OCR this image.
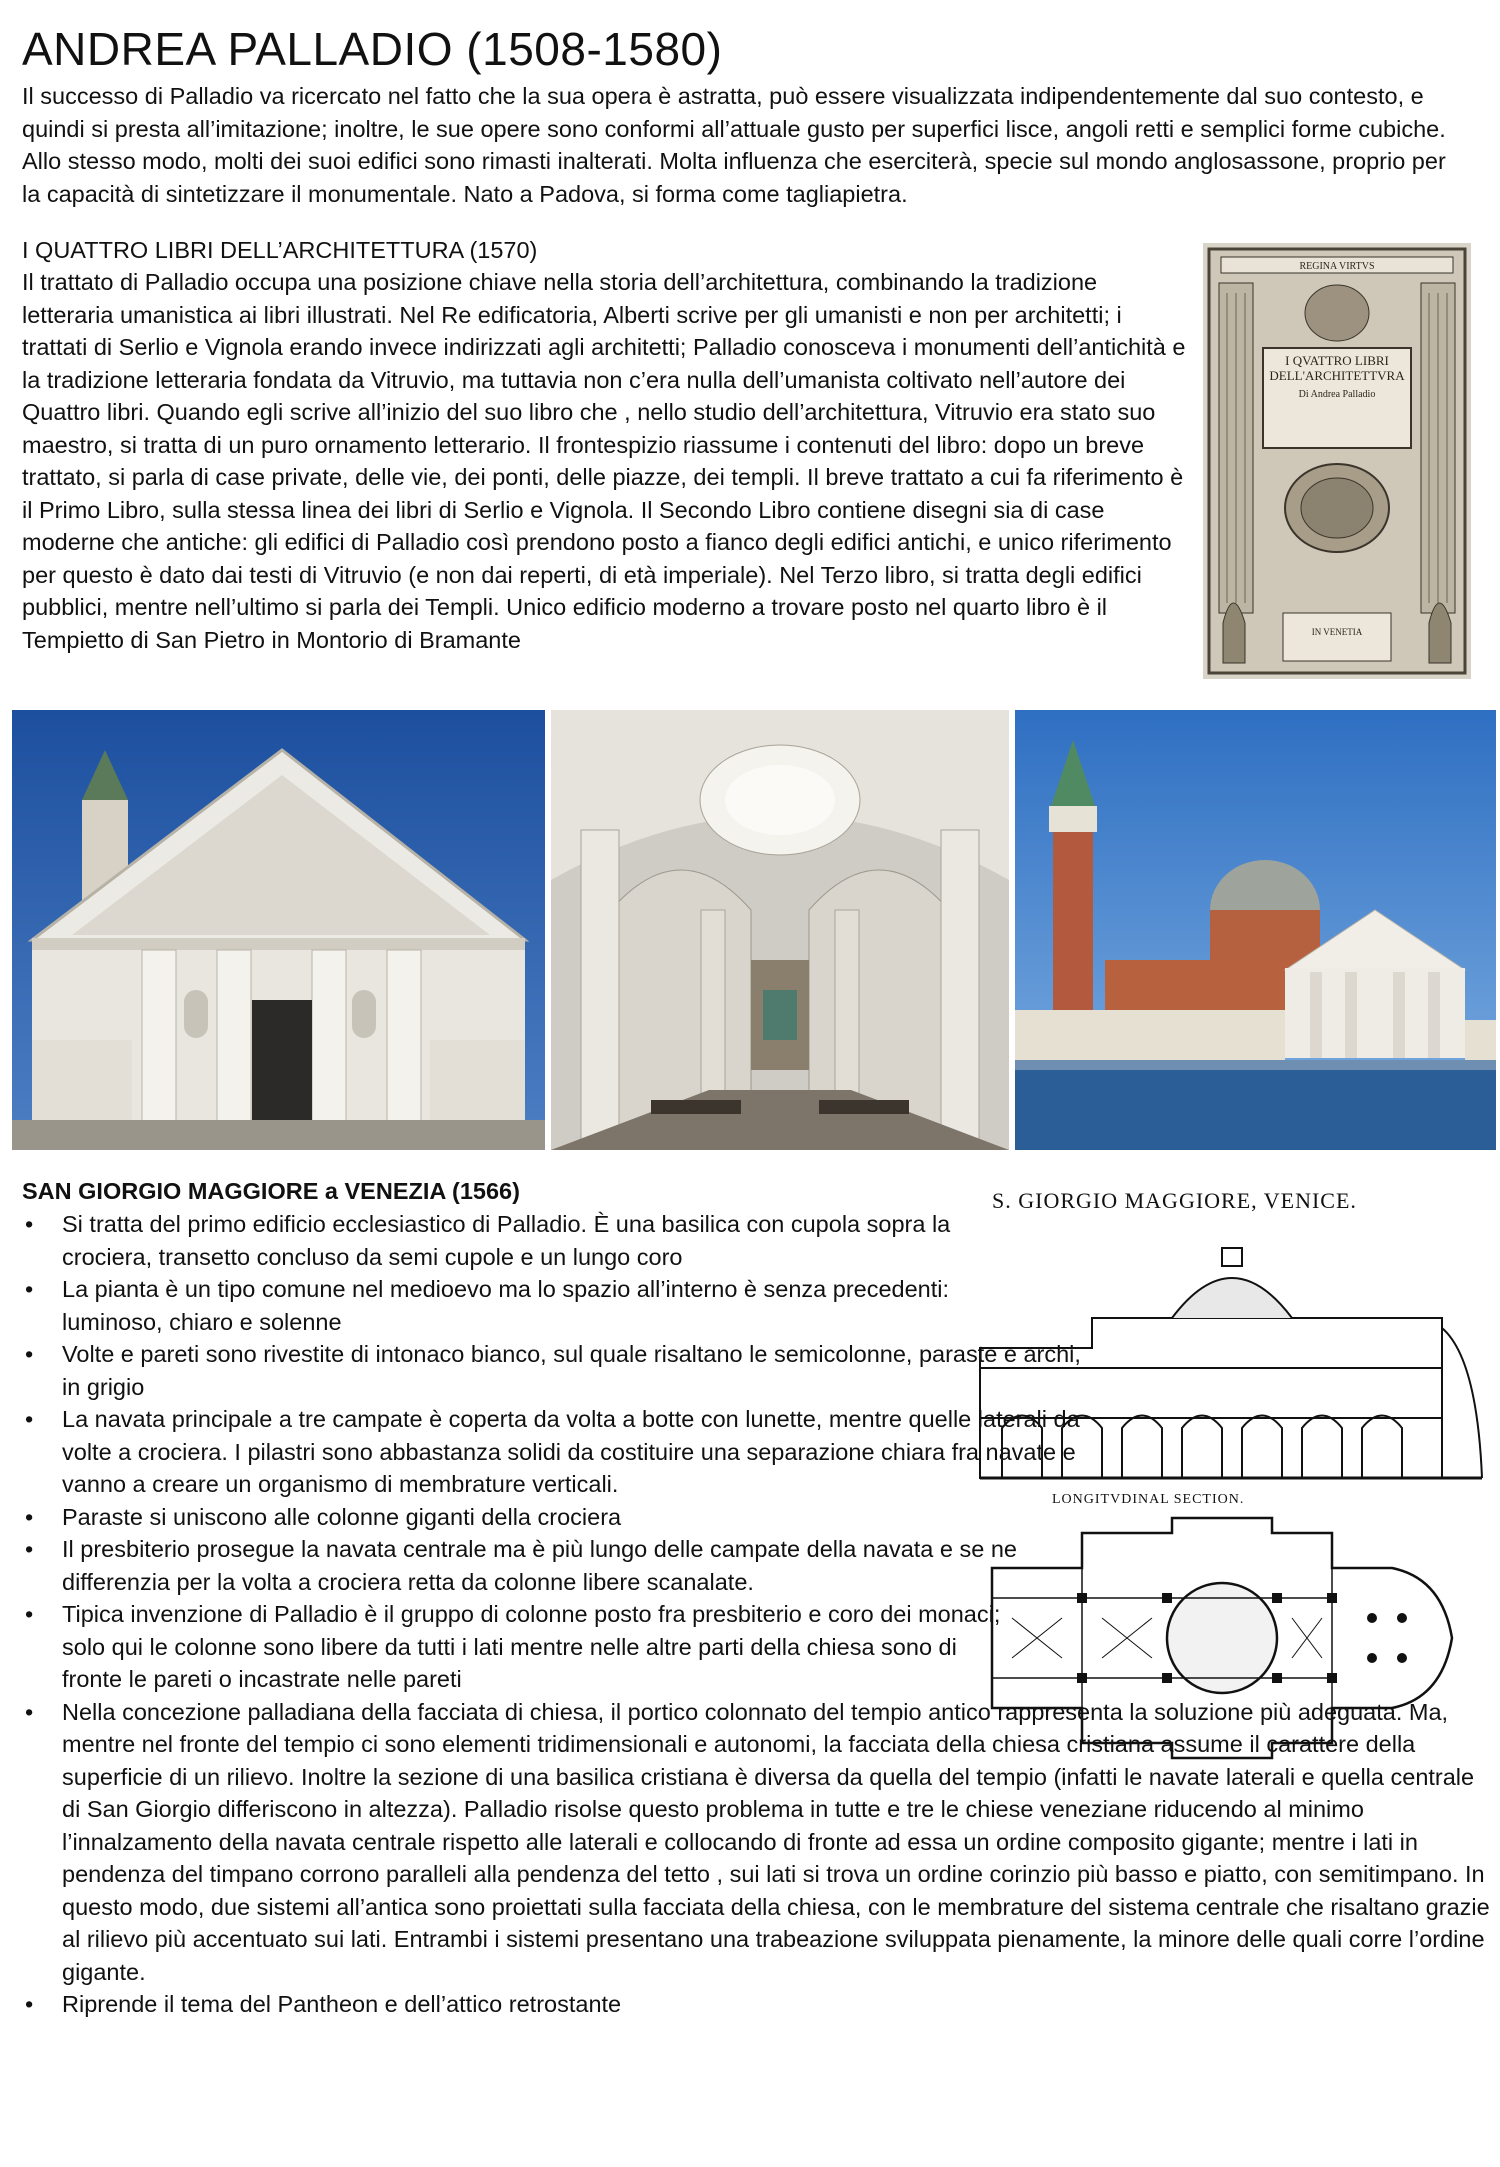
ANDREA PALLADIO (1508-1580)

Il successo di Palladio va ricercato nel fatto che la sua opera è astratta, può essere visualizzata indipendentemente dal suo contesto, e quindi si presta all’imitazione; inoltre, le sue opere sono conformi all’attuale gusto per superfici lisce, angoli retti e semplici forme cubiche. Allo stesso modo, molti dei suoi edifici sono rimasti inalterati. Molta influenza che eserciterà, specie sul mondo anglosassone, proprio per la capacità di sintetizzare il monumentale. Nato a Padova, si forma come tagliapietra.

I QUATTRO LIBRI DELL’ARCHITETTURA (1570)

Il trattato di Palladio occupa una posizione chiave nella storia dell’architettura, combinando la tradizione letteraria umanistica ai libri illustrati. Nel Re edificatoria, Alberti scrive per gli umanisti e non per architetti; i trattati di Serlio e Vignola erando invece indirizzati agli architetti; Palladio conosceva i monumenti dell’antichità e la tradizione letteraria fondata da Vitruvio, ma tuttavia non c’era nulla dell’umanista coltivato nell’autore dei Quattro libri. Quando egli scrive all’inizio del suo libro che , nello studio dell’architettura, Vitruvio era stato suo maestro, si tratta di un puro ornamento letterario. Il frontespizio riassume i contenuti del libro: dopo un breve trattato, si parla di case private, delle vie, dei ponti, delle piazze, dei templi. Il breve trattato a cui fa riferimento è il Primo Libro, sulla stessa linea dei libri di Serlio e Vignola. Il Secondo Libro contiene disegni sia di case moderne che antiche: gli edifici di Palladio così prendono posto a fianco degli edifici antichi, e unico riferimento per questo è dato dai testi di Vitruvio (e non dai reperti, di età imperiale). Nel Terzo libro, si tratta degli edifici pubblici, mentre nell’ultimo si parla dei Templi. Unico edificio moderno a trovare posto nel quarto libro è il Tempietto di San Pietro in Montorio di Bramante

REGINA VIRTVS
I QVATTRO LIBRI DELL'ARCHITETTVRA
Di Andrea Palladio
IN VENETIA
SAN GIORGIO MAGGIORE a VENEZIA (1566)	S. GIORGIO MAGGIORE, VENICE.
LONGITVDINAL SECTION.
• Si tratta del primo edificio ecclesiastico di Palladio. È una basilica con cupola sopra la crociera, transetto concluso da semi cupole e un lungo coro
• La pianta è un tipo comune nel medioevo ma lo spazio all’interno è senza precedenti: luminoso, chiaro e solenne
• Volte e pareti sono rivestite di intonaco bianco, sul quale risaltano le semicolonne, paraste e archi, in grigio
• La navata principale a tre campate è coperta da volta a botte con lunette, mentre quelle laterali da volte a crociera. I pilastri sono abbastanza solidi da costituire una separazione chiara fra navate e vanno a creare un organismo di membrature verticali.
• Paraste si uniscono alle colonne giganti della crociera
• Il presbiterio prosegue la navata centrale ma è più lungo delle campate della navata e se ne differenzia per la volta a crociera retta da colonne libere scanalate.
• Tipica invenzione di Palladio è il gruppo di colonne posto fra presbiterio e coro dei monaci; solo qui le colonne sono libere da tutti i lati mentre nelle altre parti della chiesa sono di fronte le pareti o incastrate nelle pareti
• Nella concezione palladiana della facciata di chiesa, il portico colonnato del tempio antico rappresenta la soluzione più adeguata. Ma, mentre nel fronte del tempio ci sono elementi tridimensionali e autonomi, la facciata della chiesa cristiana assume il carattere della superficie di un rilievo. Inoltre la sezione di una basilica cristiana è diversa da quella del tempio (infatti le navate laterali e quella centrale di San Giorgio differiscono in altezza). Palladio risolse questo problema in tutte e tre le chiese veneziane riducendo al minimo l’innalzamento della navata centrale rispetto alle laterali e collocando di fronte ad essa un ordine composito gigante; mentre i lati in pendenza del timpano corrono paralleli alla pendenza del tetto , sui lati si trova un ordine corinzio più basso e piatto, con semitimpano. In questo modo, due sistemi all’antica sono proiettati sulla facciata della chiesa, con le membrature del sistema centrale che risaltano grazie al rilievo più accentuato sui lati. Entrambi i sistemi presentano una trabeazione sviluppata pienamente, la minore delle quali corre l’ordine gigante.
• Riprende il tema del Pantheon e dell’attico retrostante
